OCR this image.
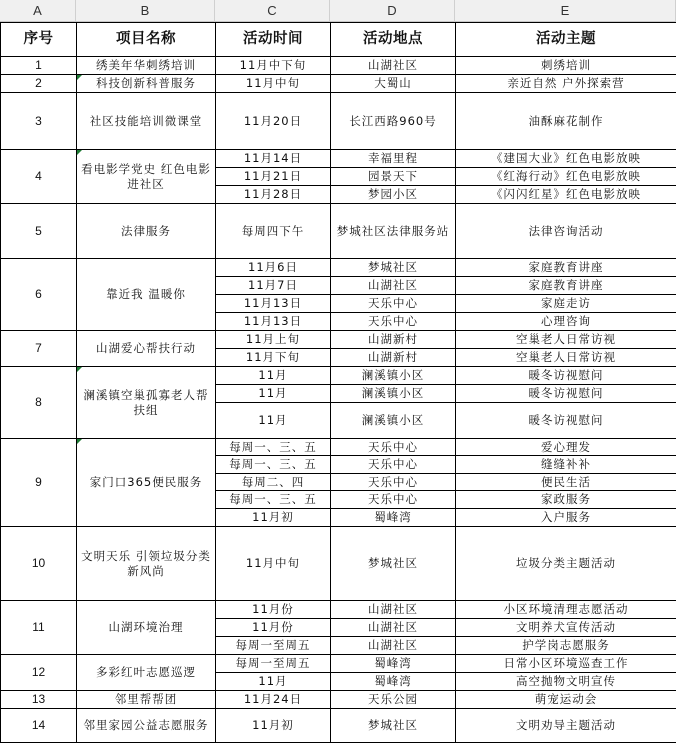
A	B	C	D	E
序号	项目名称	活动时间	活动地点	活动主题
1	绣美年华刺绣培训	11月中下旬	山湖社区	刺绣培训
2	科技创新科普服务	11月中旬	大蜀山	亲近自然 户外探索营
3	社区技能培训微课堂	11月20日	长江西路960号	油酥麻花制作
4	看电影学党史 红色电影进社区	11月14日	幸福里程	《建国大业》红色电影放映
		11月21日	园景天下	《红海行动》红色电影放映
		11月28日	梦园小区	《闪闪红星》红色电影放映
5	法律服务	每周四下午	梦城社区法律服务站	法律咨询活动
6	靠近我 温暖你	11月6日	梦城社区	家庭教育讲座
		11月7日	山湖社区	家庭教育讲座
		11月13日	天乐中心	家庭走访
		11月13日	天乐中心	心理咨询
7	山湖爱心帮扶行动	11月上旬	山湖新村	空巢老人日常访视
		11月下旬	山湖新村	空巢老人日常访视
8	澜溪镇空巢孤寡老人帮扶组	11月	澜溪镇小区	暖冬访视慰问
		11月	澜溪镇小区	暖冬访视慰问
		11月	澜溪镇小区	暖冬访视慰问
9	家门口365便民服务	每周一、三、五	天乐中心	爱心理发
		每周一、三、五	天乐中心	缝缝补补
		每周二、四	天乐中心	便民生活
		每周一、三、五	天乐中心	家政服务
		11月初	蜀峰湾	入户服务
10	文明天乐 引领垃圾分类新风尚	11月中旬	梦城社区	垃圾分类主题活动
11	山湖环境治理	11月份	山湖社区	小区环境清理志愿活动
		11月份	山湖社区	文明养犬宣传活动
		每周一至周五	山湖社区	护学岗志愿服务
12	多彩红叶志愿巡逻	每周一至周五	蜀峰湾	日常小区环境巡查工作
		11月	蜀峰湾	高空抛物文明宣传
13	邻里帮帮团	11月24日	天乐公园	萌宠运动会
14	邻里家园公益志愿服务	11月初	梦城社区	文明劝导主题活动
